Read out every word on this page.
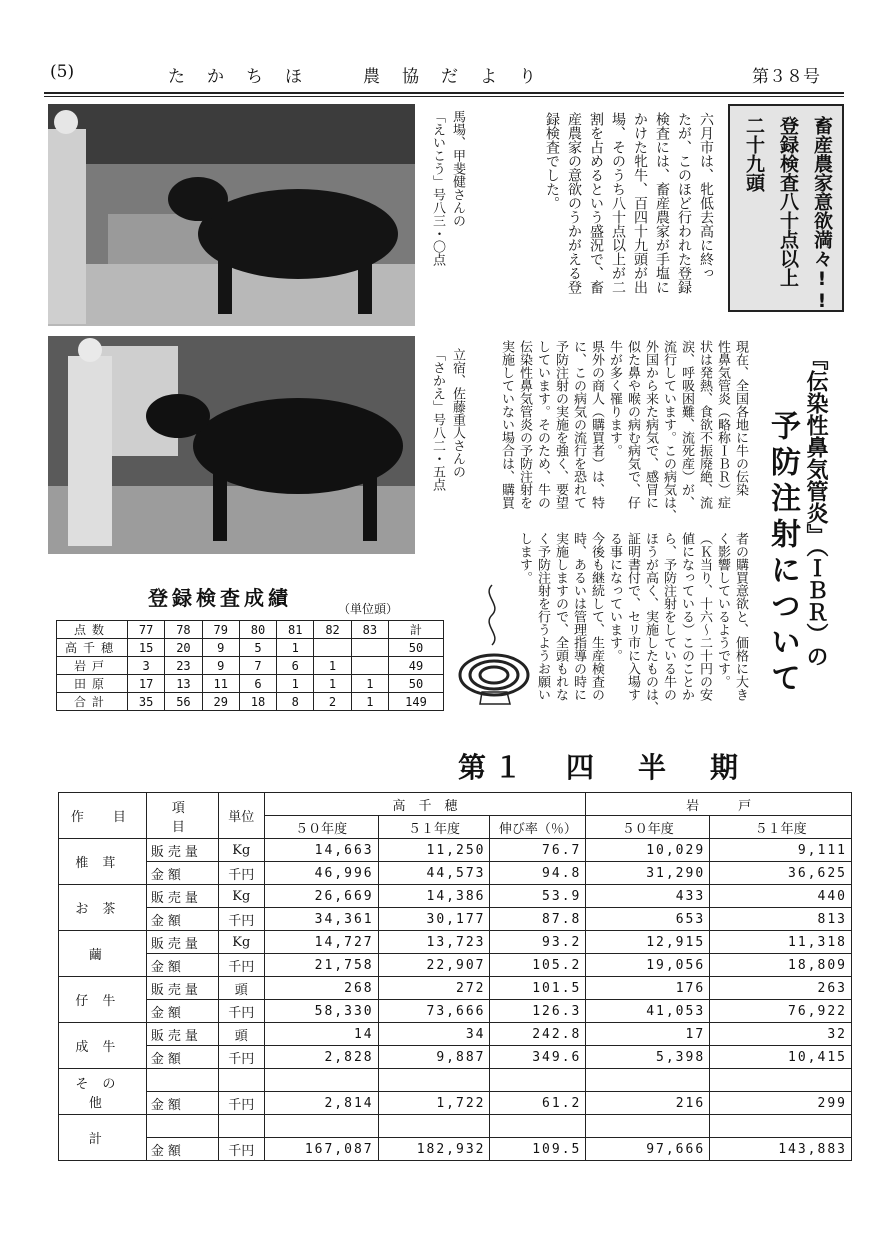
(5)	たかちほ　農協だより	第３８号
馬場、甲斐健さんの
「えいこう」号八三・〇点
立宿、佐藤重人さんの
「さかえ」号八二・五点
畜産農家意欲満々!!
登録検査八十点以上
二十九頭
六月市は、牝低去高に終っ
たが、このほど行われた登録
検査には、畜産農家が手塩に
かけた牝牛、百四十九頭が出
場、そのうち八十点以上が二
割を占めるという盛況で、畜
産農家の意欲のうかがえる登
録検査でした。
『伝染性鼻気管炎』（ＩＢＲ）の
予防注射について
現在、全国各地に牛の伝染
性鼻気管炎（略称ＩＢＲ）症
状は発熱、食欲不振廃絶、流
涙、呼吸困難、流死産）が、
流行しています。この病気は、
外国から来た病気で、感冒に
似た鼻や喉の病む病気で、仔
牛が多く罹ります。
県外の商人（購買者）は、特
に、この病気の流行を恐れて
予防注射の実施を強く、要望
しています。そのため、牛の
伝染性鼻気管炎の予防注射を
実施していない場合は、購買
者の購買意欲と、価格に大き
く影響しているようです。
（Ｋ当り、十六〜二十円の安
値になっている）このことか
ら、予防注射をしている牛の
ほうが高く、実施したものは、
証明書付で、セリ市に入場す
る事になっています。
今後も継続して、生産検査の
時、あるいは管理指導の時に
実施しますので、全頭もれな
く予防注射を行うようお願い
します。
登録検査成績	（単位頭）
点数	77	78	79	80	81	82	83	計
高千穂	15	20	9	5	1			50
岩戸	3	23	9	7	6	1		49
田原	17	13	11	6	1	1	1	50
合計	35	56	29	18	8	2	1	149
第１　四　半　期
作　目	項　目	単位	高　千　穂			岩　　　戸	
			５０年度	５１年度	伸び率（％）	５０年度	５１年度
椎茸	販売量	Kg	14,663	11,250	76.7	10,029	9,111
	金額	千円	46,996	44,573	94.8	31,290	36,625
お茶	販売量	Kg	26,669	14,386	53.9	433	440
	金額	千円	34,361	30,177	87.8	653	813
繭	販売量	Kg	14,727	13,723	93.2	12,915	11,318
	金額	千円	21,758	22,907	105.2	19,056	18,809
仔牛	販売量	頭	268	272	101.5	176	263
	金額	千円	58,330	73,666	126.3	41,053	76,922
成牛	販売量	頭	14	34	242.8	17	32
	金額	千円	2,828	9,887	349.6	5,398	10,415
その他							
	金額	千円	2,814	1,722	61.2	216	299
計							
	金額	千円	167,087	182,932	109.5	97,666	143,883
